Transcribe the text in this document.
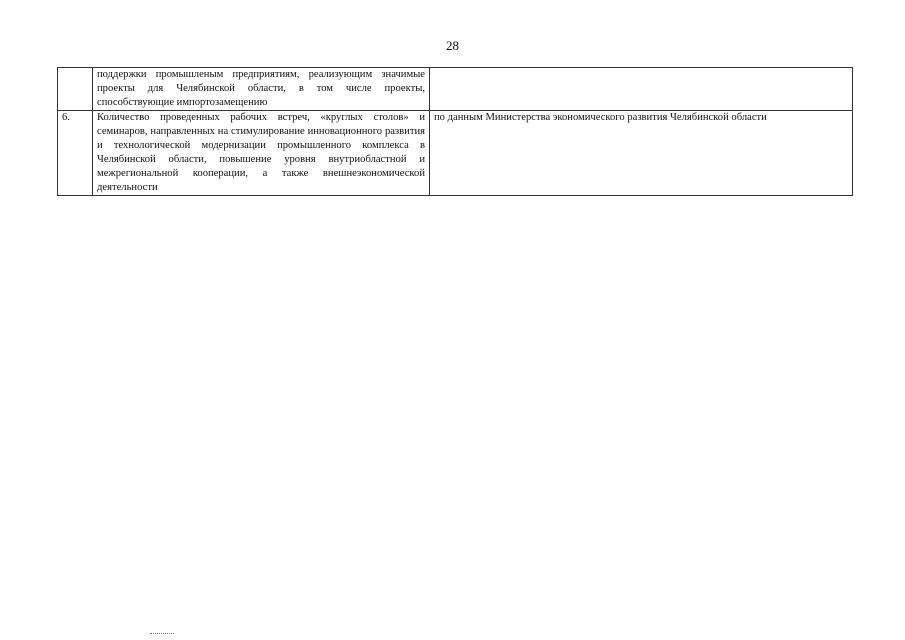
28
	поддержки промышленым предприятиям, реализующим значимые проекты для Челябинской области, в том числе проекты, способствующие импортозамещению	
6.	Количество проведенных рабочих встреч, «круглых столов» и семинаров, направленных на стимулирование инновационного развития и технологической модернизации промышленного комплекса в Челябинской области, повышение уровня внутриобластной и межрегиональной кооперации, а также внешнеэкономической деятельности	по данным Министерства экономического развития Челябинской области
